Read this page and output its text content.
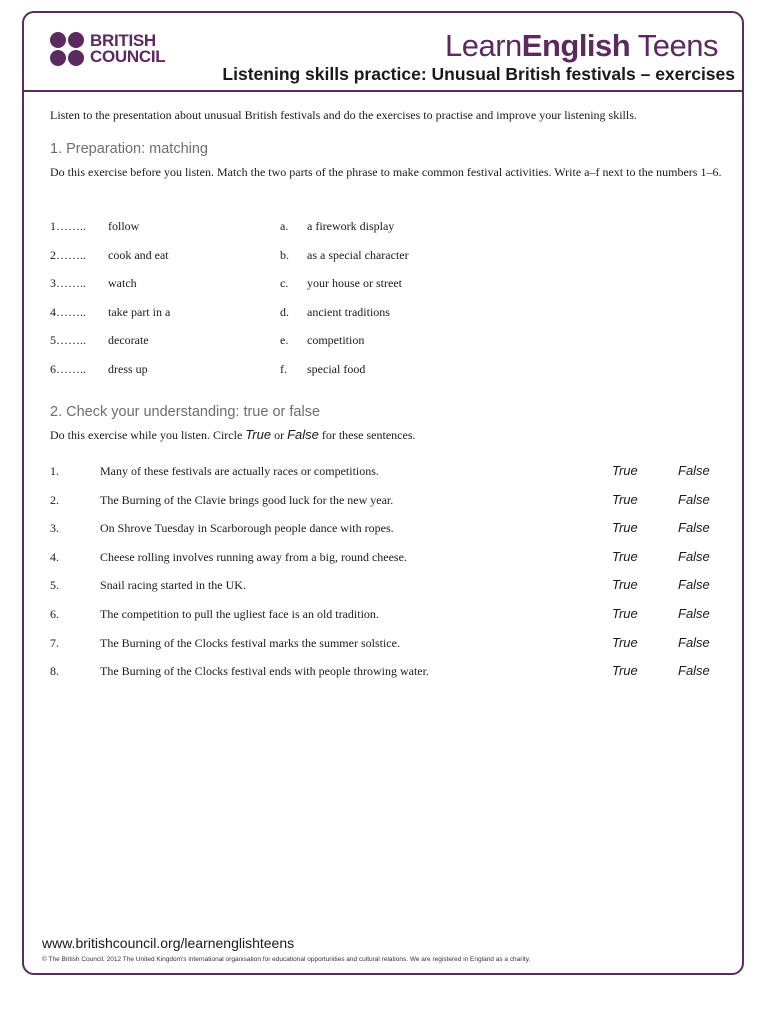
BRITISH
COUNCIL	LearnEnglish Teens
Listening skills practice: Unusual British festivals – exercises

Listen to the presentation about unusual British festivals and do the exercises to practise and improve your listening skills.

1. Preparation: matching

Do this exercise before you listen. Match the two parts of the phrase to make common festival activities. Write a–f next to the numbers 1–6.

1…….. follow	a. a firework display
2…….. cook and eat	b. as a special character
3…….. watch	c. your house or street
4…….. take part in a	d. ancient traditions
5…….. decorate	e. competition
6…….. dress up	f. special food
2. Check your understanding: true or false

Do this exercise while you listen. Circle True or False for these sentences.

1.	Many of these festivals are actually races or competitions.	True	False
2.	The Burning of the Clavie brings good luck for the new year.	True	False
3.	On Shrove Tuesday in Scarborough people dance with ropes.	True	False
4.	Cheese rolling involves running away from a big, round cheese.	True	False
5.	Snail racing started in the UK.	True	False
6.	The competition to pull the ugliest face is an old tradition.	True	False
7.	The Burning of the Clocks festival marks the summer solstice.	True	False
8.	The Burning of the Clocks festival ends with people throwing water.	True	False
www.britishcouncil.org/learnenglishteens
© The British Council, 2012 The United Kingdom's international organisation for educational opportunities and cultural relations. We are registered in England as a charity.
